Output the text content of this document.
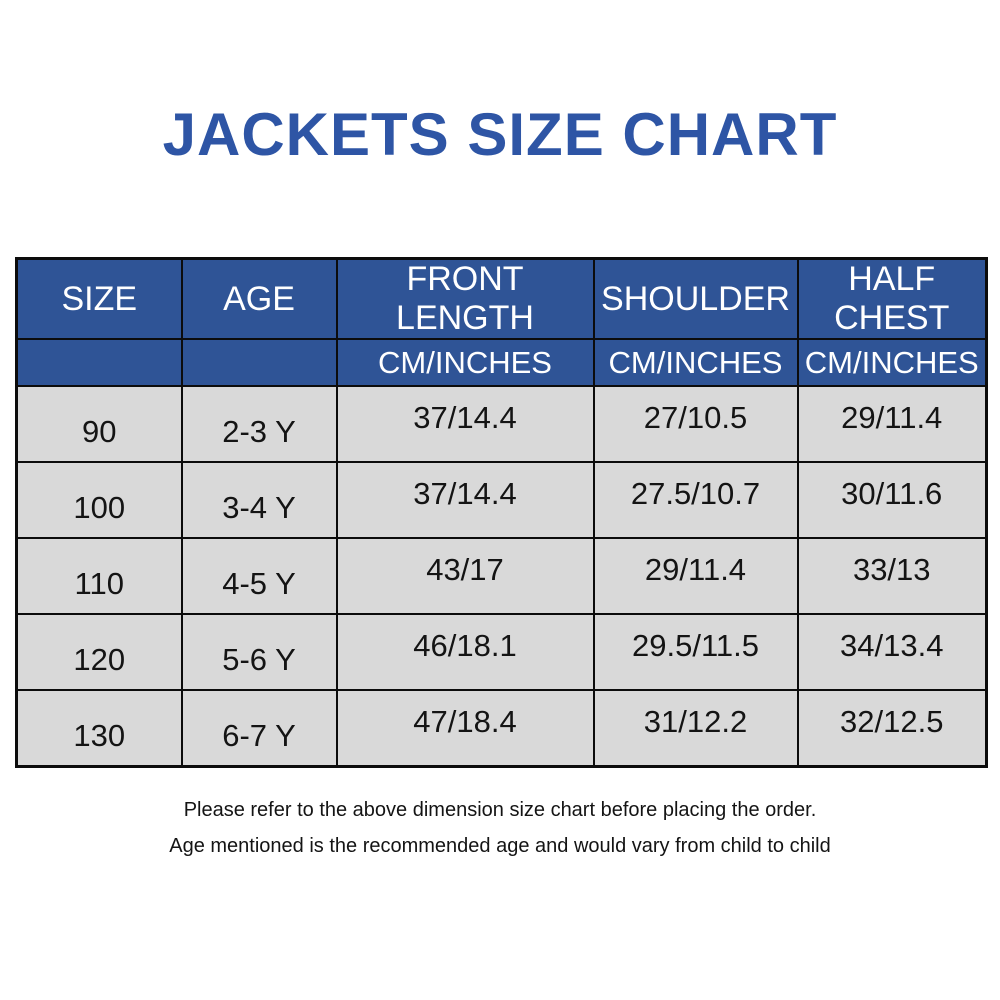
JACKETS SIZE CHART
SIZE	AGE	FRONT LENGTH	SHOULDER	HALF CHEST
		CM/INCHES	CM/INCHES	CM/INCHES
90	2-3 Y	37/14.4	27/10.5	29/11.4
100	3-4 Y	37/14.4	27.5/10.7	30/11.6
110	4-5 Y	43/17	29/11.4	33/13
120	5-6 Y	46/18.1	29.5/11.5	34/13.4
130	6-7 Y	47/18.4	31/12.2	32/12.5
Please refer to the above dimension size chart before placing the order.
Age mentioned is the recommended age and would vary from child to child
